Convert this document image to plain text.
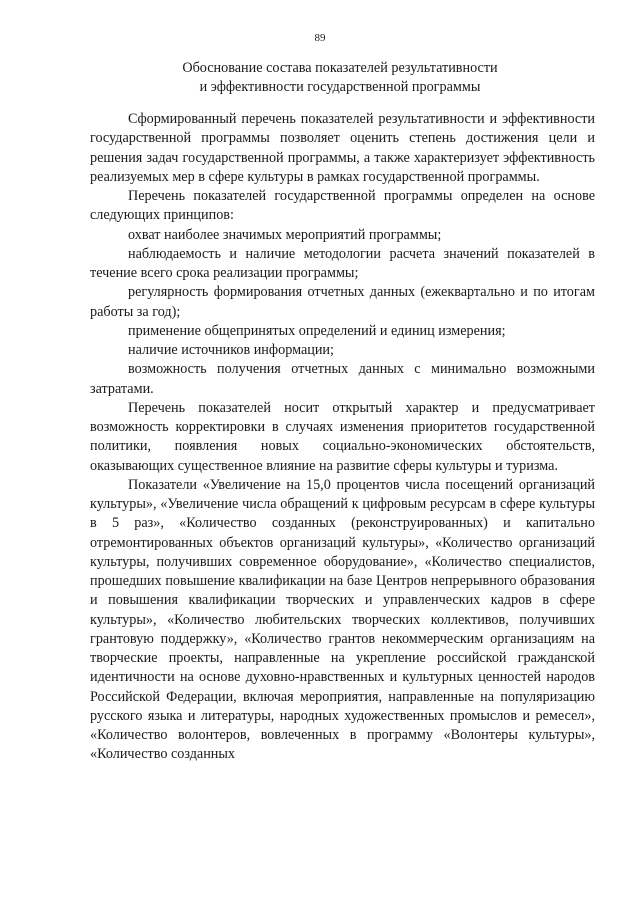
89
Обоснование состава показателей результативности
и эффективности государственной программы

Сформированный перечень показателей результативности и эффективности государственной программы позволяет оценить степень достижения цели и решения задач государственной программы, а также характеризует эффективность реализуемых мер в сфере культуры в рамках государственной программы.

Перечень показателей государственной программы определен на основе следующих принципов:

охват наиболее значимых мероприятий программы;

наблюдаемость и наличие методологии расчета значений показателей в течение всего срока реализации программы;

регулярность формирования отчетных данных (ежеквартально и по итогам работы за год);

применение общепринятых определений и единиц измерения;

наличие источников информации;

возможность получения отчетных данных с минимально возможными затратами.

Перечень показателей носит открытый характер и предусматривает возможность корректировки в случаях изменения приоритетов государственной политики, появления новых социально-экономических обстоятельств, оказывающих существенное влияние на развитие сферы культуры и туризма.

Показатели «Увеличение на 15,0 процентов числа посещений организаций культуры», «Увеличение числа обращений к цифровым ресурсам в сфере культуры в 5 раз», «Количество созданных (реконструированных) и капитально отремонтированных объектов организаций культуры», «Количество организаций культуры, получивших современное оборудование», «Количество специалистов, прошедших повышение квалификации на базе Центров непрерывного образования и повышения квалификации творческих и управленческих кадров в сфере культуры», «Количество любительских творческих коллективов, получивших грантовую поддержку», «Количество грантов некоммерческим организациям на творческие проекты, направленные на укрепление российской гражданской идентичности на основе духовно-нравственных и культурных ценностей народов Российской Федерации, включая мероприятия, направленные на популяризацию русского языка и литературы, народных художественных промыслов и ремесел», «Количество волонтеров, вовлеченных в программу «Волонтеры культуры», «Количество созданных
